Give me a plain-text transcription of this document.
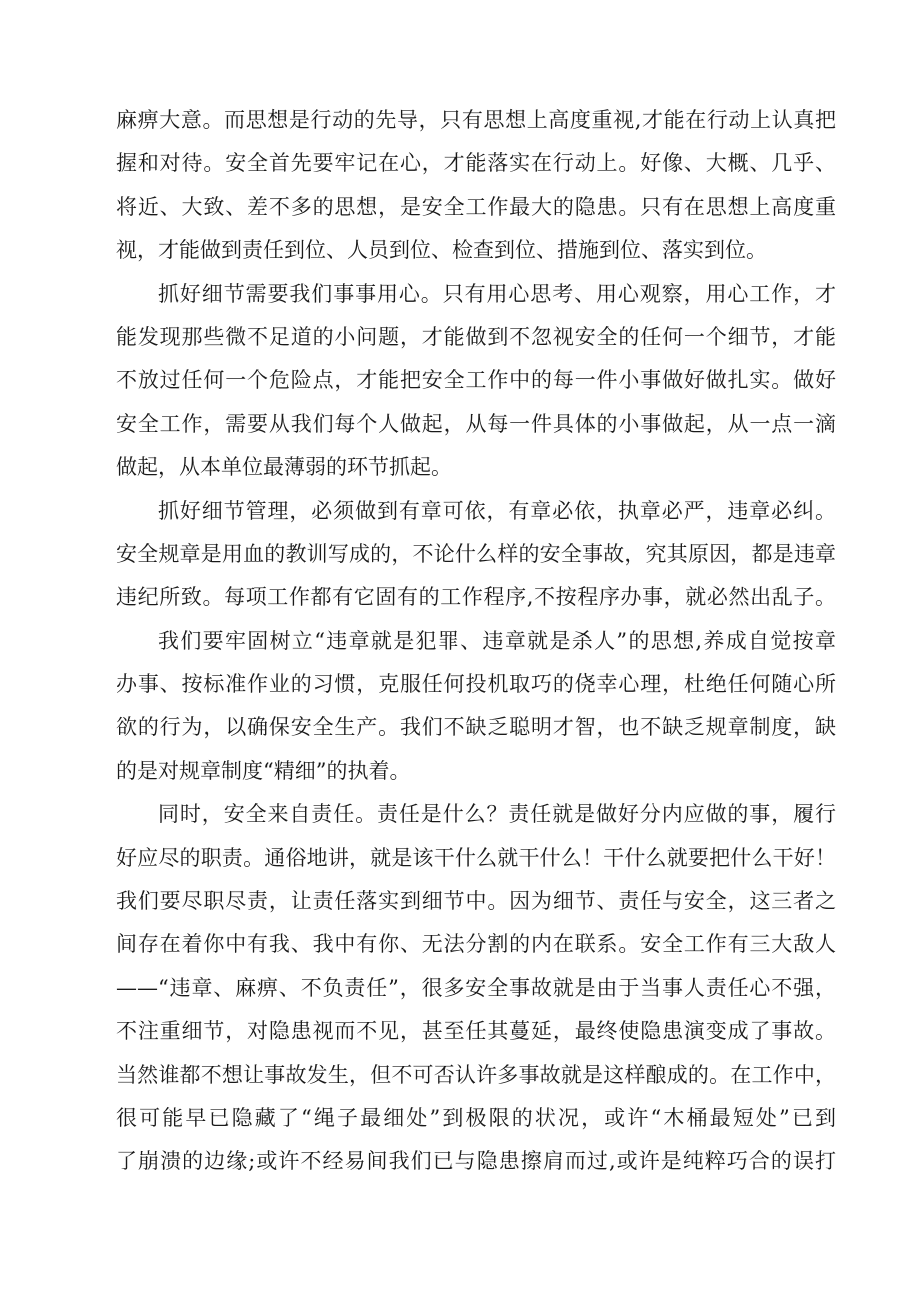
麻痹大意。而思想是行动的先导，只有思想上高度重视,才能在行动上认真把
握和对待。安全首先要牢记在心，才能落实在行动上。好像、大概、几乎、
将近、大致、差不多的思想，是安全工作最大的隐患。只有在思想上高度重
视，才能做到责任到位、人员到位、检查到位、措施到位、落实到位。
抓好细节需要我们事事用心。只有用心思考、用心观察，用心工作，才
能发现那些微不足道的小问题，才能做到不忽视安全的任何一个细节，才能
不放过任何一个危险点，才能把安全工作中的每一件小事做好做扎实。做好
安全工作，需要从我们每个人做起，从每一件具体的小事做起，从一点一滴
做起，从本单位最薄弱的环节抓起。
抓好细节管理，必须做到有章可依，有章必依，执章必严，违章必纠。
安全规章是用血的教训写成的，不论什么样的安全事故，究其原因，都是违章
违纪所致。每项工作都有它固有的工作程序,不按程序办事，就必然出乱子。
我们要牢固树立“违章就是犯罪、违章就是杀人”的思想,养成自觉按章
办事、按标准作业的习惯，克服任何投机取巧的侥幸心理，杜绝任何随心所
欲的行为，以确保安全生产。我们不缺乏聪明才智，也不缺乏规章制度，缺
的是对规章制度“精细”的执着。
同时，安全来自责任。责任是什么？责任就是做好分内应做的事，履行
好应尽的职责。通俗地讲，就是该干什么就干什么！干什么就要把什么干好！
我们要尽职尽责，让责任落实到细节中。因为细节、责任与安全，这三者之
间存在着你中有我、我中有你、无法分割的内在联系。安全工作有三大敌人
——“违章、麻痹、不负责任”，很多安全事故就是由于当事人责任心不强，
不注重细节，对隐患视而不见，甚至任其蔓延，最终使隐患演变成了事故。
当然谁都不想让事故发生，但不可否认许多事故就是这样酿成的。在工作中，
很可能早已隐藏了“绳子最细处”到极限的状况，或许“木桶最短处”已到
了崩溃的边缘;或许不经易间我们已与隐患擦肩而过,或许是纯粹巧合的误打
